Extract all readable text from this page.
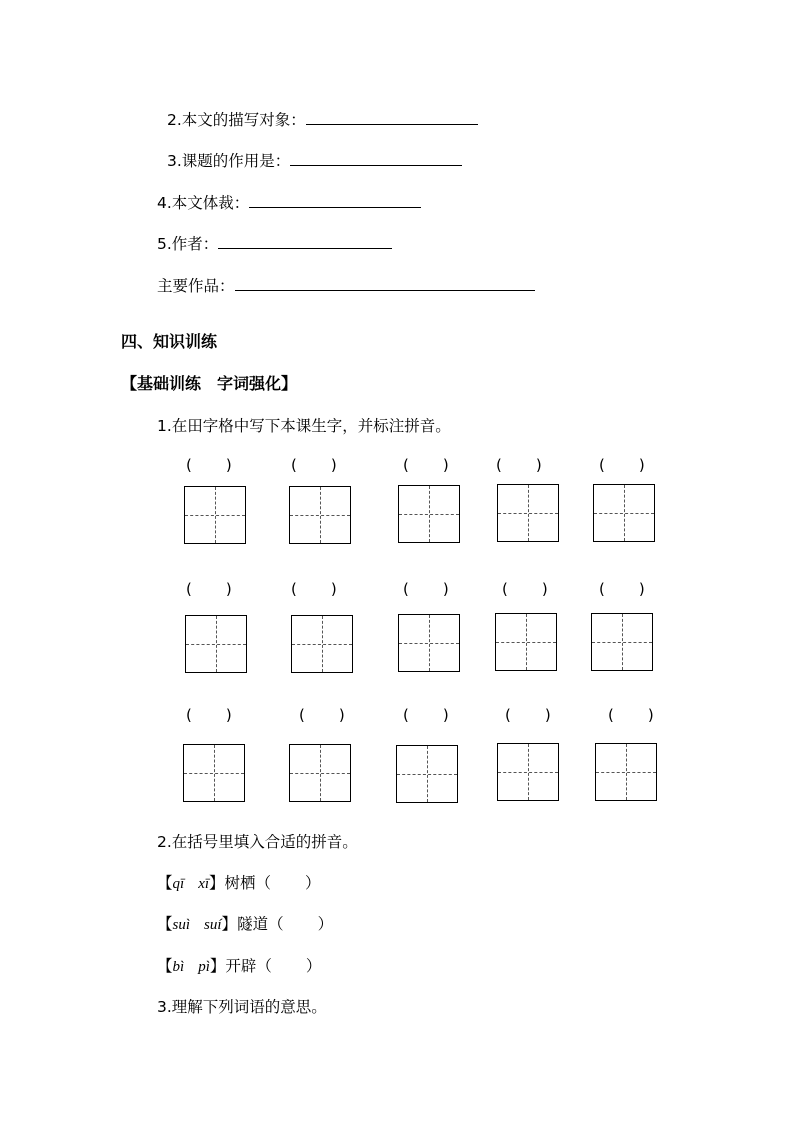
2.本文的描写对象：
3.课题的作用是：
4.本文体裁：
5.作者：
主要作品：
四、知识训练
【基础训练 字词强化】
1.在田字格中写下本课生字，并标注拼音。
( )	( )	( )	( )	( )
( )	( )	( )	( )	( )
( )	( )	( )	( )	( )
2.在括号里填入合适的拼音。
【qī xī】树栖（ ）
【suì suí】隧道（ ）
【bì pì】开辟（ ）
3.理解下列词语的意思。
